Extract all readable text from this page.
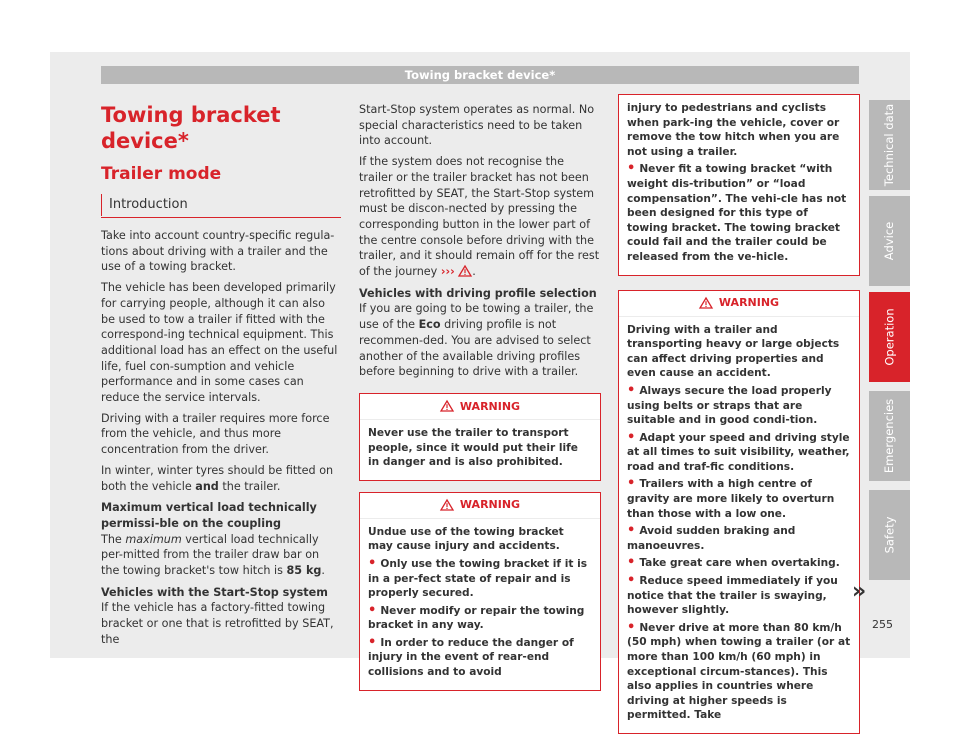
Towing bracket device*
Towing bracket device*
Trailer mode
Introduction

Take into account country-specific regula-tions about driving with a trailer and the use of a towing bracket.

The vehicle has been developed primarily for carrying people, although it can also be used to tow a trailer if fitted with the correspond-ing technical equipment. This additional load has an effect on the useful life, fuel con-sumption and vehicle performance and in some cases can reduce the service intervals.

Driving with a trailer requires more force from the vehicle, and thus more concentration from the driver.

In winter, winter tyres should be fitted on both the vehicle and the trailer.

Maximum vertical load technically permissi-ble on the coupling

The maximum vertical load technically per-mitted from the trailer draw bar on the towing bracket's tow hitch is 85 kg.

Vehicles with the Start-Stop system

If the vehicle has a factory-fitted towing bracket or one that is retrofitted by SEAT, the

Start-Stop system operates as normal. No special characteristics need to be taken into account.

If the system does not recognise the trailer or the trailer bracket has not been retrofitted by SEAT, the Start-Stop system must be discon-nected by pressing the corresponding button in the lower part of the centre console before driving with the trailer, and it should remain off for the rest of the journey ››› .

Vehicles with driving profile selection

If you are going to be towing a trailer, the use of the Eco driving profile is not recommen-ded. You are advised to select another of the available driving profiles before beginning to drive with a trailer.

WARNING

Never use the trailer to transport people, since it would put their life in danger and is also prohibited.

WARNING

Undue use of the towing bracket may cause injury and accidents.

• Only use the towing bracket if it is in a per-fect state of repair and is properly secured.

• Never modify or repair the towing bracket in any way.

• In order to reduce the danger of injury in the event of rear-end collisions and to avoid

injury to pedestrians and cyclists when park-ing the vehicle, cover or remove the tow hitch when you are not using a trailer.

• Never fit a towing bracket “with weight dis-tribution” or “load compensation”. The vehi-cle has not been designed for this type of towing bracket. The towing bracket could fail and the trailer could be released from the ve-hicle.

WARNING

Driving with a trailer and transporting heavy or large objects can affect driving properties and even cause an accident.

• Always secure the load properly using belts or straps that are suitable and in good condi-tion.

• Adapt your speed and driving style at all times to suit visibility, weather, road and traf-fic conditions.

• Trailers with a high centre of gravity are more likely to overturn than those with a low one.

• Avoid sudden braking and manoeuvres.

• Take great care when overtaking.

• Reduce speed immediately if you notice that the trailer is swaying, however slightly.

• Never drive at more than 80 km/h (50 mph) when towing a trailer (or at more than 100 km/h (60 mph) in exceptional circum-stances). This also applies in countries where driving at higher speeds is permitted. Take

»
Technical data
Advice
Operation
Emergencies
Safety
255
